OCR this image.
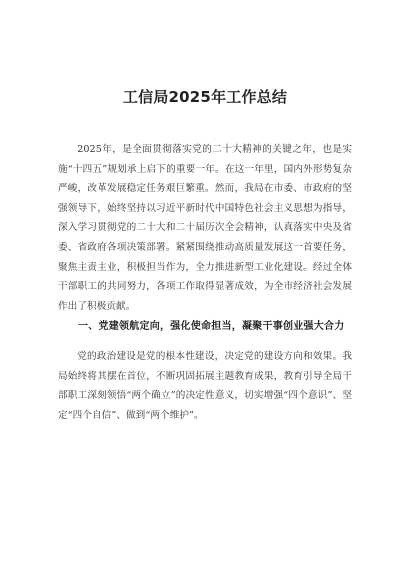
工信局2025年工作总结

2025年，是全面贯彻落实党的二十大精神的关键之年，也是实施“十四五”规划承上启下的重要一年。在这一年里，国内外形势复杂严峻，改革发展稳定任务艰巨繁重。然而，我局在市委、市政府的坚强领导下，始终坚持以习近平新时代中国特色社会主义思想为指导，深入学习贯彻党的二十大和二十届历次全会精神，认真落实中央及省委、省政府各项决策部署。紧紧围绕推动高质量发展这一首要任务，聚焦主责主业，积极担当作为，全力推进新型工业化建设。经过全体干部职工的共同努力，各项工作取得显著成效，为全市经济社会发展作出了积极贡献。

一、党建领航定向，强化使命担当，凝聚干事创业强大合力

党的政治建设是党的根本性建设，决定党的建设方向和效果。我局始终将其摆在首位，不断巩固拓展主题教育成果，教育引导全局干部职工深刻领悟“两个确立”的决定性意义，切实增强“四个意识”、坚定“四个自信”、做到“两个维护”。
